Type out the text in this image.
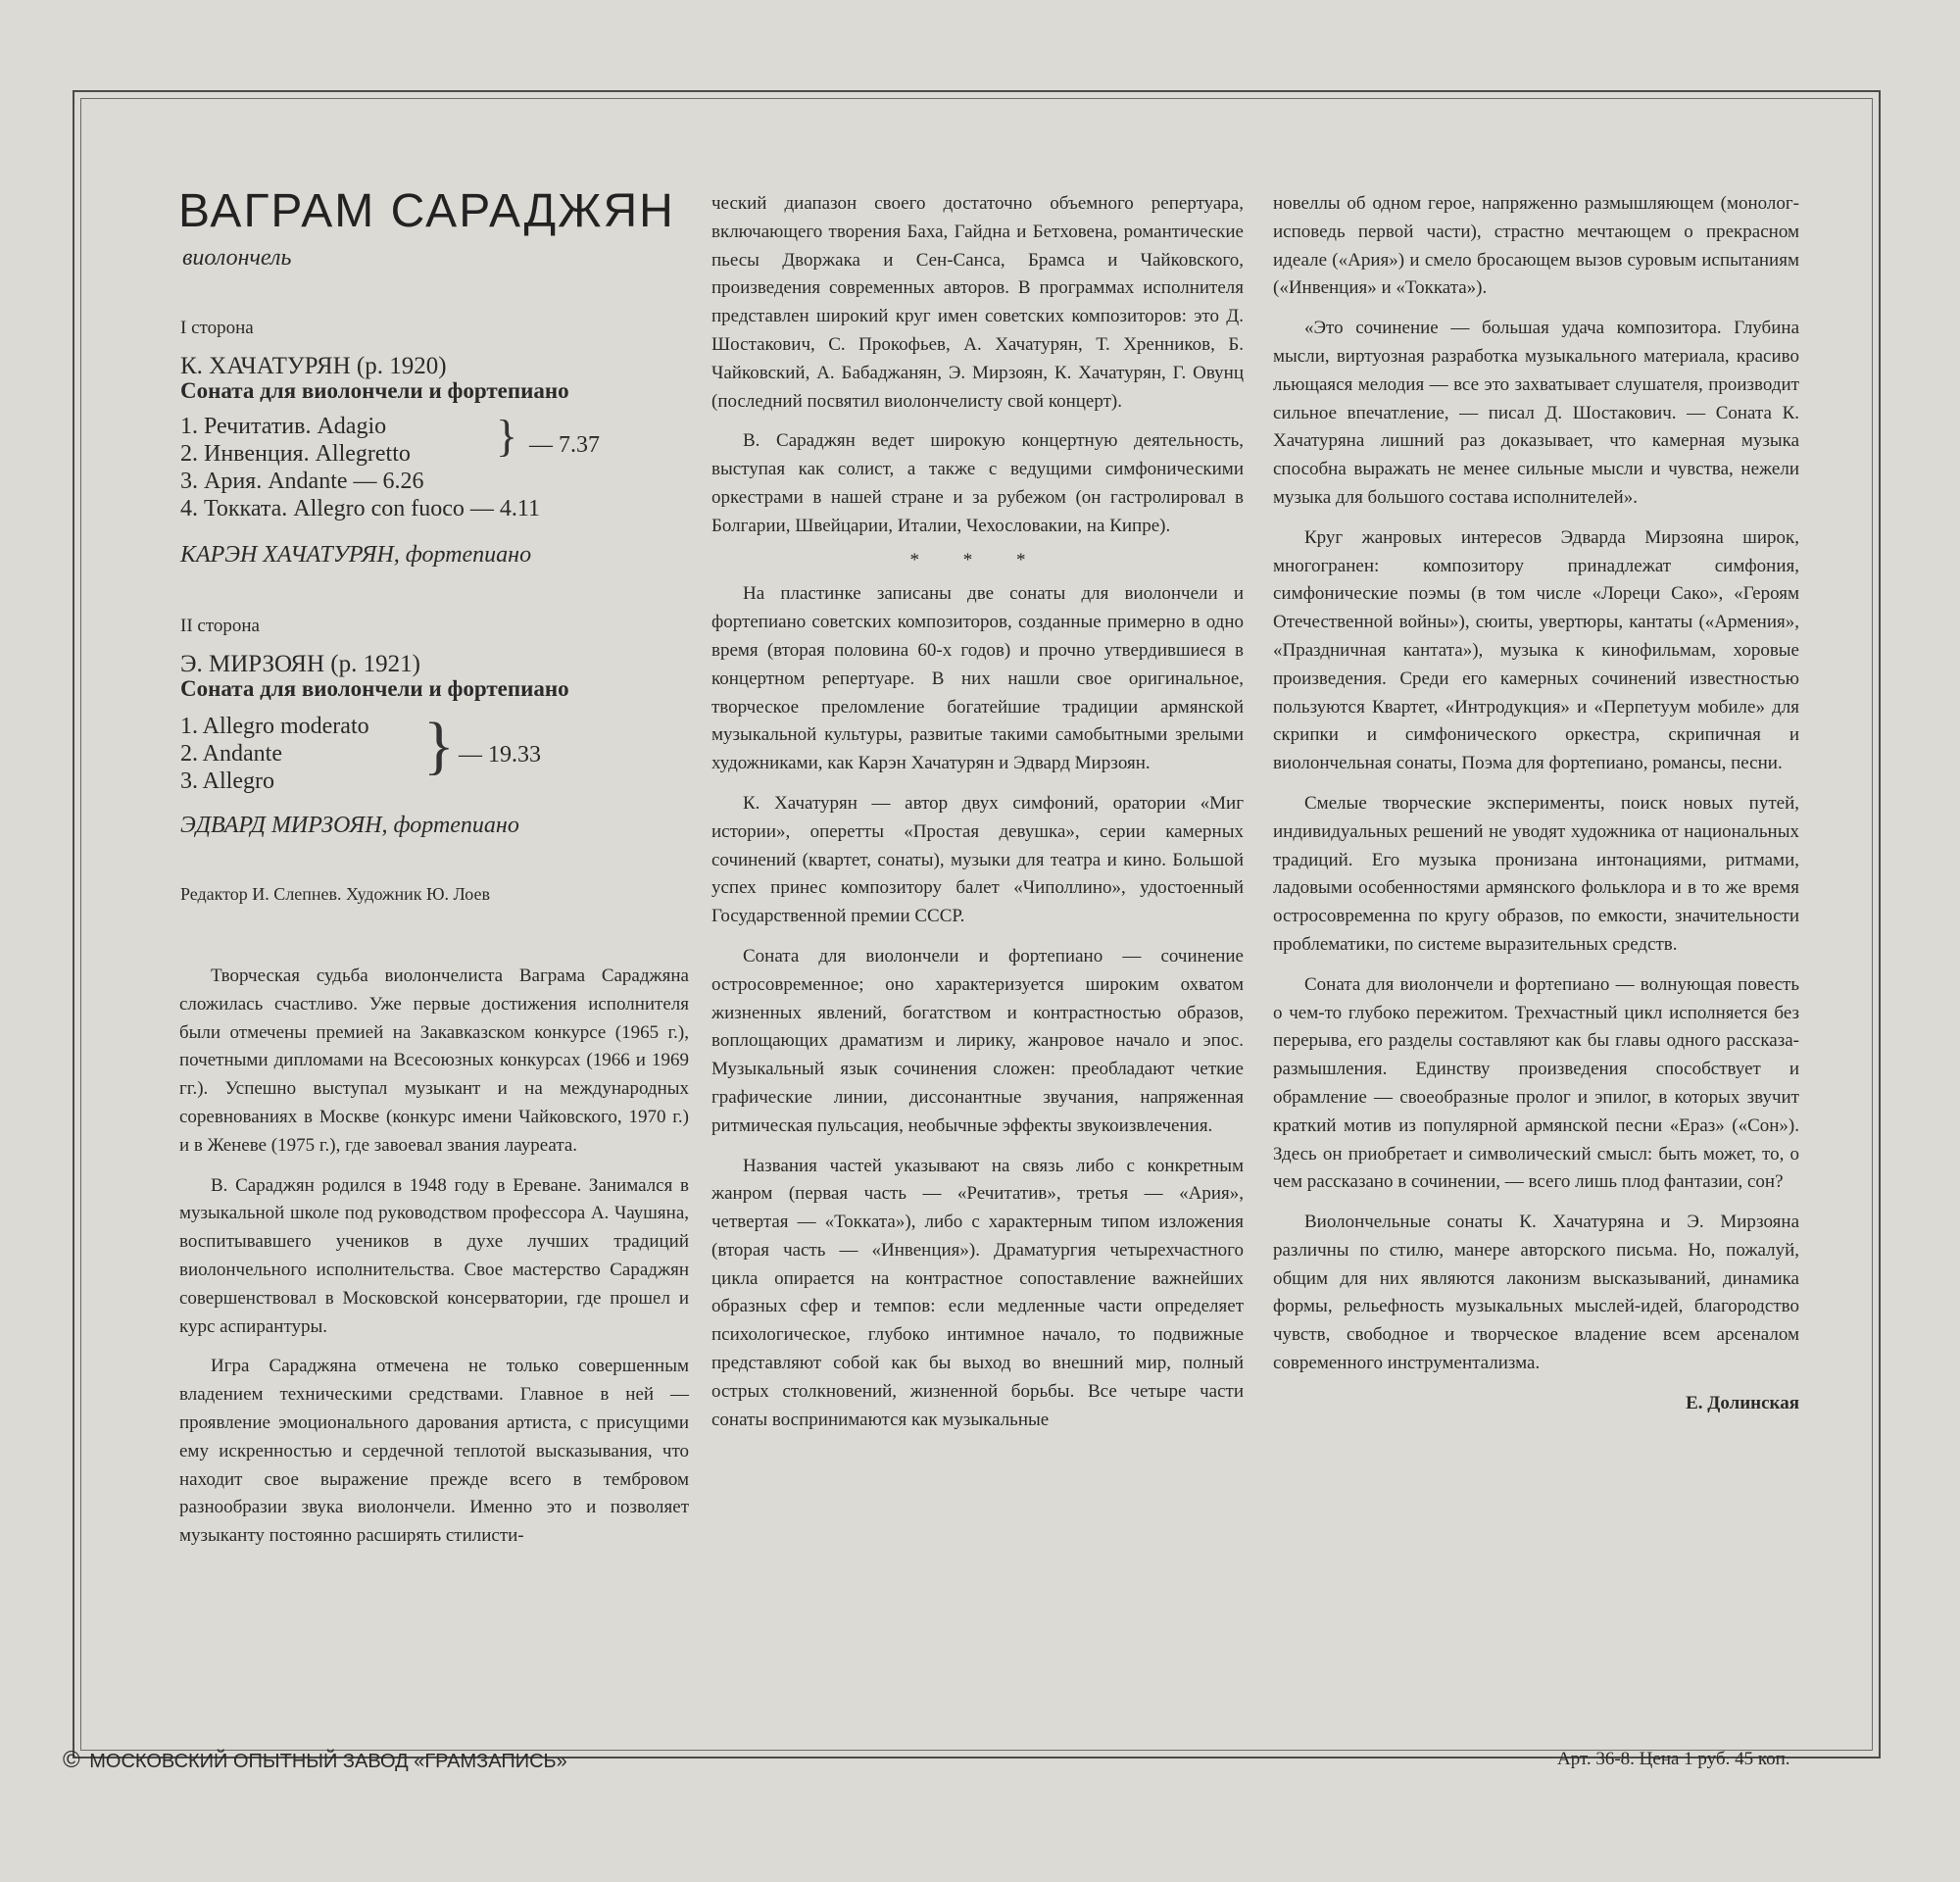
ВАГРАМ САРАДЖЯН
виолончель
I сторона
К. ХАЧАТУРЯН (р. 1920)
Соната для виолончели и фортепиано
1. Речитатив. Adagio
2. Инвенция. Allegretto
3. Ария. Andante — 6.26
4. Токката. Allegro con fuoco — 4.11
} — 7.37
КАРЭН ХАЧАТУРЯН, фортепиано
II сторона
Э. МИРЗОЯН (р. 1921)
Соната для виолончели и фортепиано
1. Allegro moderato
2. Andante
3. Allegro } — 19.33
ЭДВАРД МИРЗОЯН, фортепиано
Редактор И. Слепнев. Художник Ю. Лоев

Творческая судьба виолончелиста Ваграма Сараджяна сложилась счастливо. Уже первые достижения исполнителя были отмечены премией на Закавказском конкурсе (1965 г.), почетными дипломами на Всесоюзных конкурсах (1966 и 1969 гг.). Успешно выступал музыкант и на международных соревнованиях в Москве (конкурс имени Чайковского, 1970 г.) и в Женеве (1975 г.), где завоевал звания лауреата.

В. Сараджян родился в 1948 году в Ереване. Занимался в музыкальной школе под руководством профессора А. Чаушяна, воспитывавшего учеников в духе лучших традиций виолончельного исполнительства. Свое мастерство Сараджян совершенствовал в Московской консерватории, где прошел и курс аспирантуры.

Игра Сараджяна отмечена не только совершенным владением техническими средствами. Главное в ней — проявление эмоционального дарования артиста, с присущими ему искренностью и сердечной теплотой высказывания, что находит свое выражение прежде всего в тембровом разнообразии звука виолончели. Именно это и позволяет музыканту постоянно расширять стилисти-

ческий диапазон своего достаточно объемного репертуара, включающего творения Баха, Гайдна и Бетховена, романтические пьесы Дворжака и Сен-Санса, Брамса и Чайковского, произведения современных авторов. В программах исполнителя представлен широкий круг имен советских композиторов: это Д. Шостакович, С. Прокофьев, А. Хачатурян, Т. Хренников, Б. Чайковский, А. Бабаджанян, Э. Мирзоян, К. Хачатурян, Г. Овунц (последний посвятил виолончелисту свой концерт).

В. Сараджян ведет широкую концертную деятельность, выступая как солист, а также с ведущими симфоническими оркестрами в нашей стране и за рубежом (он гастролировал в Болгарии, Швейцарии, Италии, Чехословакии, на Кипре).

* * *

На пластинке записаны две сонаты для виолончели и фортепиано советских композиторов, созданные примерно в одно время (вторая половина 60-х годов) и прочно утвердившиеся в концертном репертуаре. В них нашли свое оригинальное, творческое преломление богатейшие традиции армянской музыкальной культуры, развитые такими самобытными зрелыми художниками, как Карэн Хачатурян и Эдвард Мирзоян.

К. Хачатурян — автор двух симфоний, оратории «Миг истории», оперетты «Простая девушка», серии камерных сочинений (квартет, сонаты), музыки для театра и кино. Большой успех принес композитору балет «Чиполлино», удостоенный Государственной премии СССР.

Соната для виолончели и фортепиано — сочинение остросовременное; оно характеризуется широким охватом жизненных явлений, богатством и контрастностью образов, воплощающих драматизм и лирику, жанровое начало и эпос. Музыкальный язык сочинения сложен: преобладают четкие графические линии, диссонантные звучания, напряженная ритмическая пульсация, необычные эффекты звукоизвлечения.

Названия частей указывают на связь либо с конкретным жанром (первая часть — «Речитатив», третья — «Ария», четвертая — «Токката»), либо с характерным типом изложения (вторая часть — «Инвенция»). Драматургия четырехчастного цикла опирается на контрастное сопоставление важнейших образных сфер и темпов: если медленные части определяет психологическое, глубоко интимное начало, то подвижные представляют собой как бы выход во внешний мир, полный острых столкновений, жизненной борьбы. Все четыре части сонаты воспринимаются как музыкальные

новеллы об одном герое, напряженно размышляющем (монолог-исповедь первой части), страстно мечтающем о прекрасном идеале («Ария») и смело бросающем вызов суровым испытаниям («Инвенция» и «Токката»).

«Это сочинение — большая удача композитора. Глубина мысли, виртуозная разработка музыкального материала, красиво льющаяся мелодия — все это захватывает слушателя, производит сильное впечатление, — писал Д. Шостакович. — Соната К. Хачатуряна лишний раз доказывает, что камерная музыка способна выражать не менее сильные мысли и чувства, нежели музыка для большого состава исполнителей».

Круг жанровых интересов Эдварда Мирзояна широк, многогранен: композитору принадлежат симфония, симфонические поэмы (в том числе «Лореци Сако», «Героям Отечественной войны»), сюиты, увертюры, кантаты («Армения», «Праздничная кантата»), музыка к кинофильмам, хоровые произведения. Среди его камерных сочинений известностью пользуются Квартет, «Интродукция» и «Перпетуум мобиле» для скрипки и симфонического оркестра, скрипичная и виолончельная сонаты, Поэма для фортепиано, романсы, песни.

Смелые творческие эксперименты, поиск новых путей, индивидуальных решений не уводят художника от национальных традиций. Его музыка пронизана интонациями, ритмами, ладовыми особенностями армянского фольклора и в то же время остросовременна по кругу образов, по емкости, значительности проблематики, по системе выразительных средств.

Соната для виолончели и фортепиано — волнующая повесть о чем-то глубоко пережитом. Трехчастный цикл исполняется без перерыва, его разделы составляют как бы главы одного рассказа-размышления. Единству произведения способствует и обрамление — своеобразные пролог и эпилог, в которых звучит краткий мотив из популярной армянской песни «Ераз» («Сон»). Здесь он приобретает и символический смысл: быть может, то, о чем рассказано в сочинении, — всего лишь плод фантазии, сон?

Виолончельные сонаты К. Хачатуряна и Э. Мирзояна различны по стилю, манере авторского письма. Но, пожалуй, общим для них являются лаконизм высказываний, динамика формы, рельефность музыкальных мыслей-идей, благородство чувств, свободное и творческое владение всем арсеналом современного инструментализма.

Е. Долинская

© МОСКОВСКИЙ ОПЫТНЫЙ ЗАВОД «ГРАМЗАПИСЬ»	Арт. 36-8. Цена 1 руб. 45 коп.
